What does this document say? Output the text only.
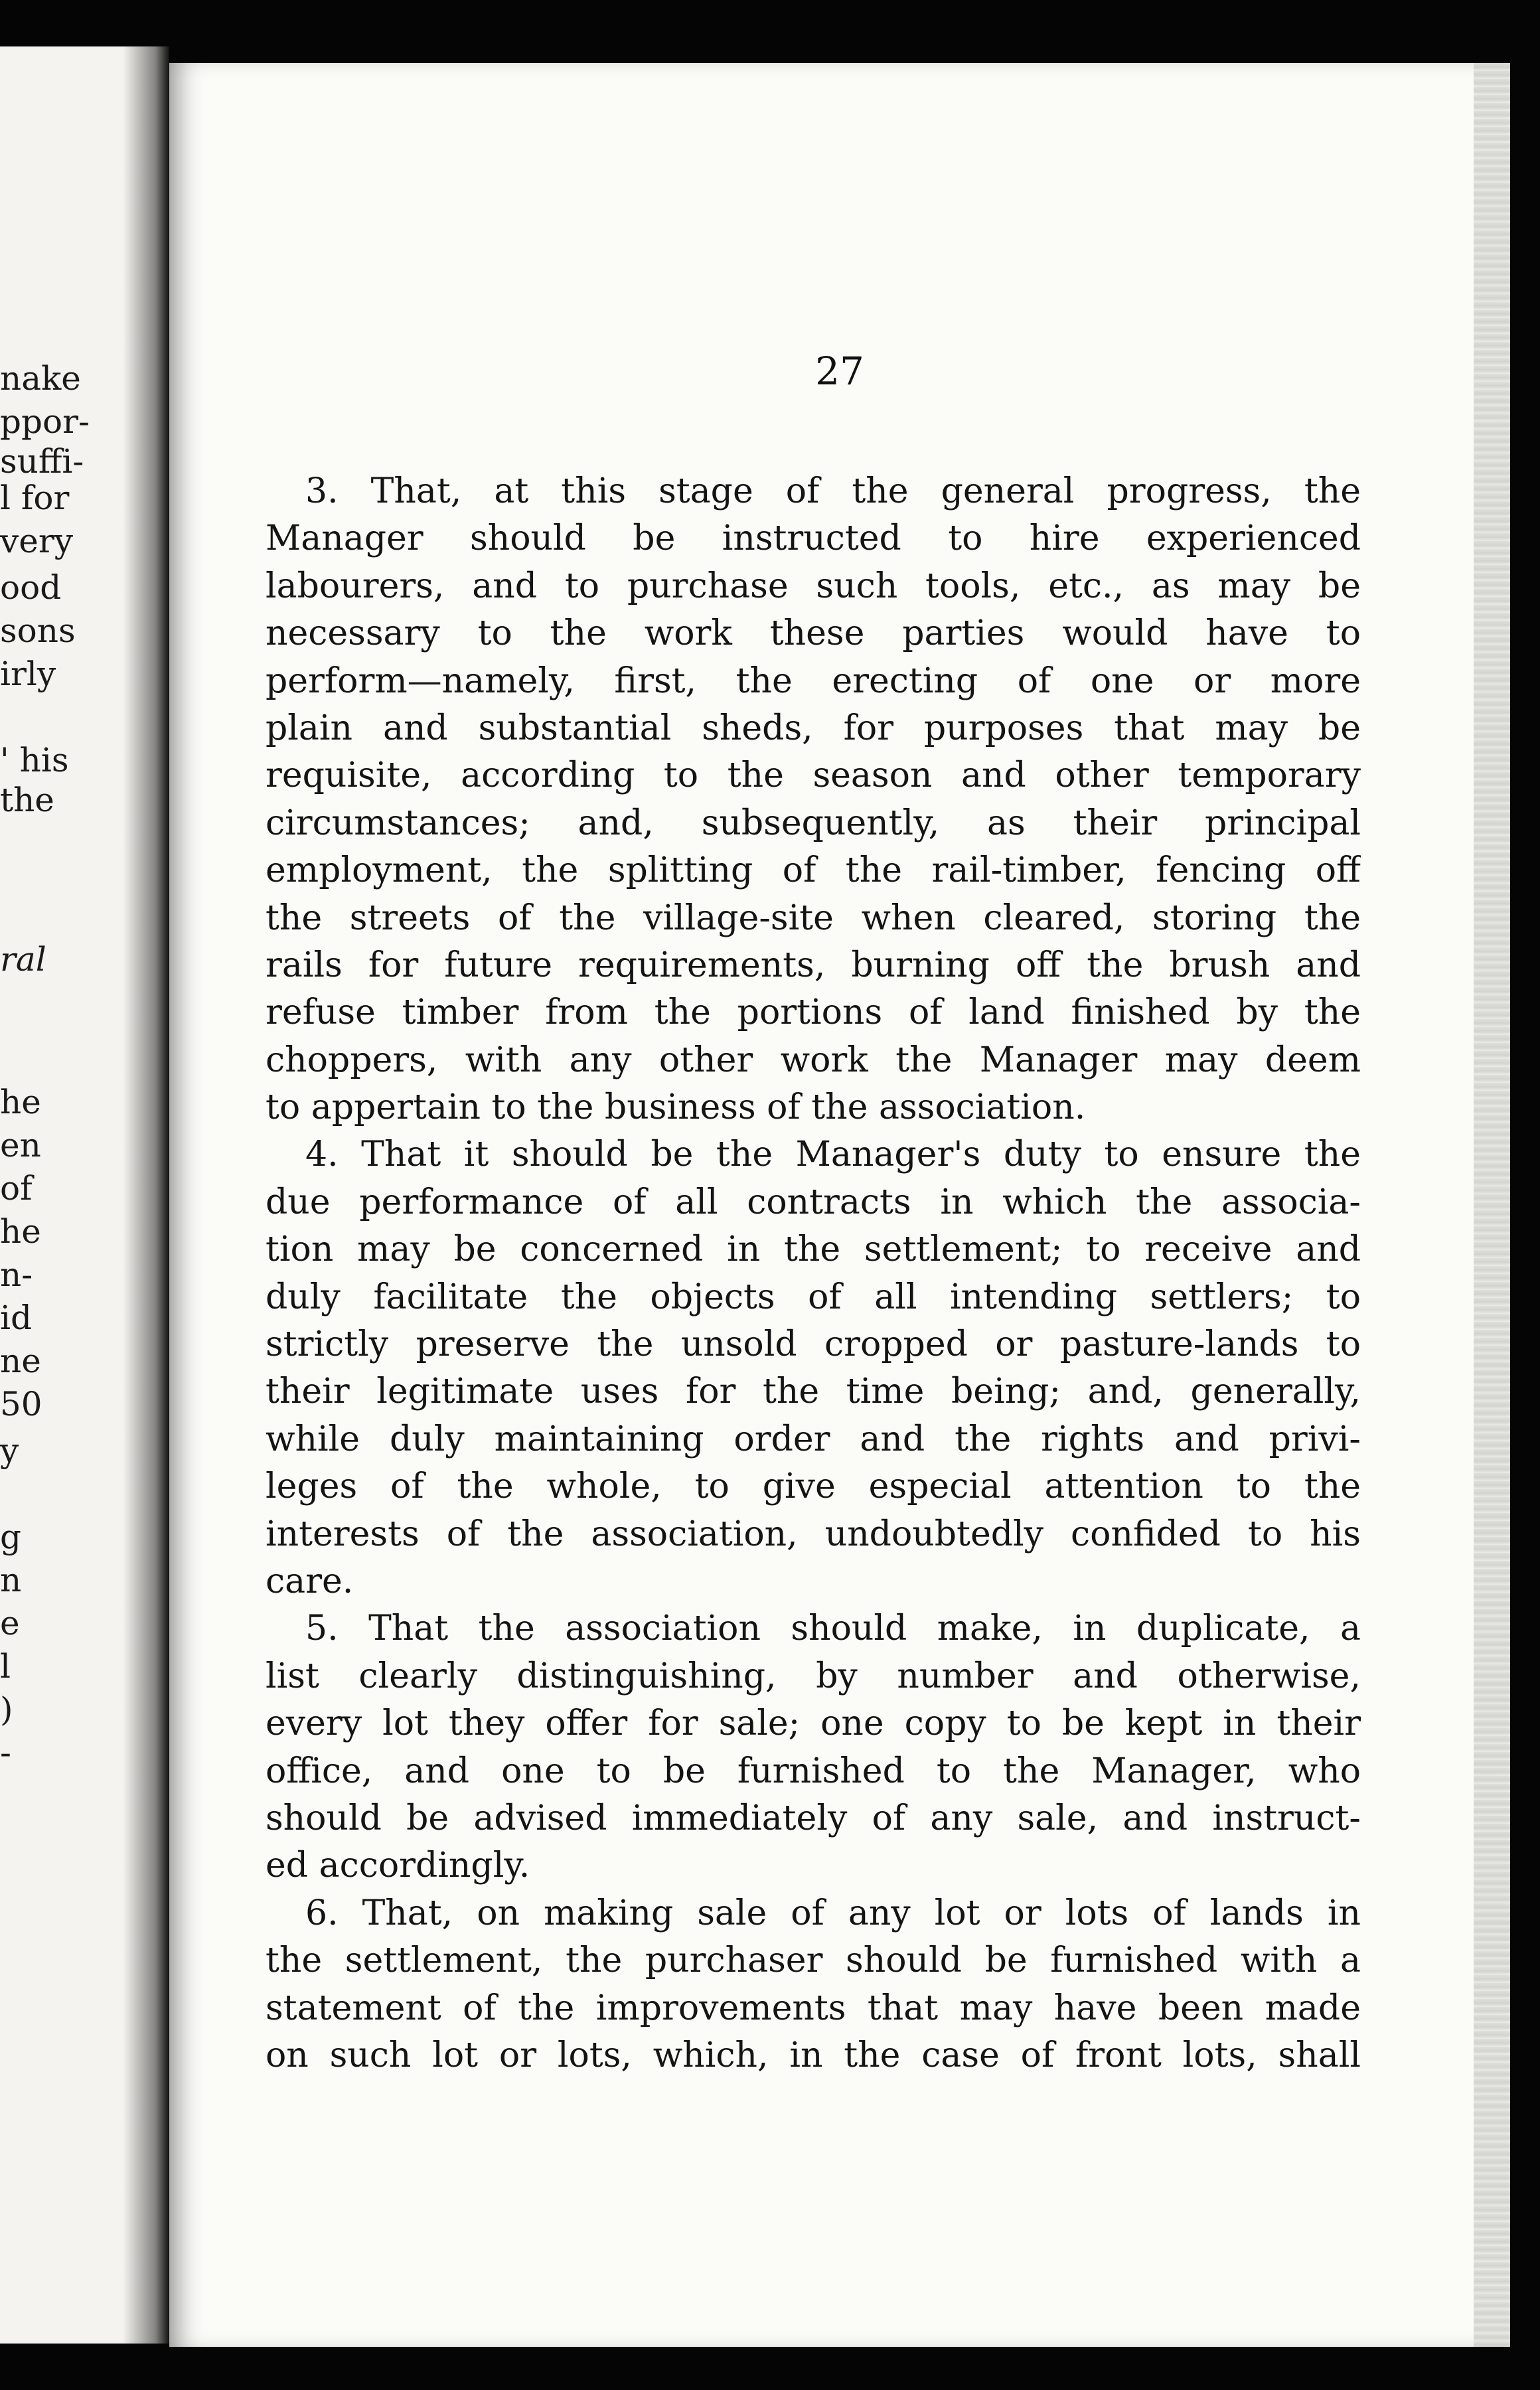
nake
ppor-
suffi-
l for
very
ood
sons
irly
' his
the
ral
he
en
of
he
n-
id
ne
50
y
g
n
e
l
)
-
27
3. That, at this stage of the general progress, the
Manager should be instructed to hire experienced
labourers, and to purchase such tools, etc., as may be
necessary to the work these parties would have to
perform—namely, first, the erecting of one or more
plain and substantial sheds, for purposes that may be
requisite, according to the season and other temporary
circumstances; and, subsequently, as their principal
employment, the splitting of the rail-timber, fencing off
the streets of the village-site when cleared, storing the
rails for future requirements, burning off the brush and
refuse timber from the portions of land finished by the
choppers, with any other work the Manager may deem
to appertain to the business of the association.
4. That it should be the Manager's duty to ensure the
due performance of all contracts in which the associa-
tion may be concerned in the settlement; to receive and
duly facilitate the objects of all intending settlers; to
strictly preserve the unsold cropped or pasture-lands to
their legitimate uses for the time being; and, generally,
while duly maintaining order and the rights and privi-
leges of the whole, to give especial attention to the
interests of the association, undoubtedly confided to his
care.
5. That the association should make, in duplicate, a
list clearly distinguishing, by number and otherwise,
every lot they offer for sale; one copy to be kept in their
office, and one to be furnished to the Manager, who
should be advised immediately of any sale, and instruct-
ed accordingly.
6. That, on making sale of any lot or lots of lands in
the settlement, the purchaser should be furnished with a
statement of the improvements that may have been made
on such lot or lots, which, in the case of front lots, shall
